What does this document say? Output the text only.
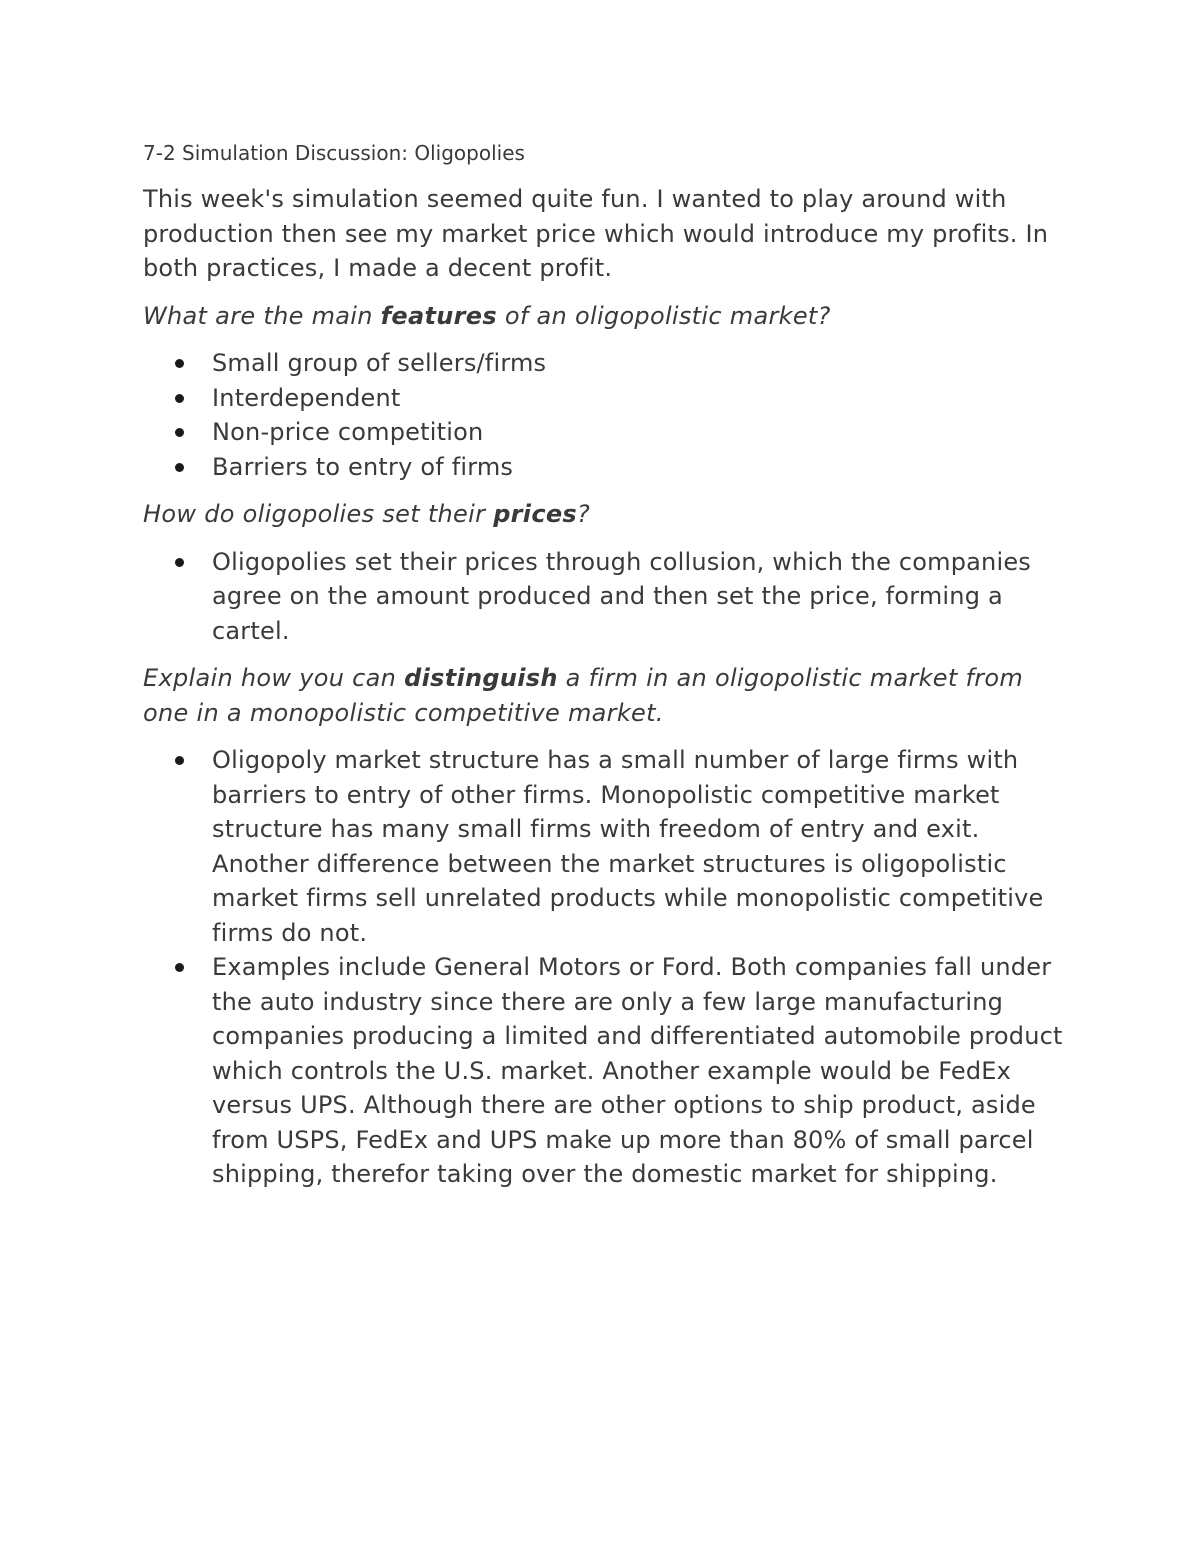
7-2 Simulation Discussion: Oligopolies

This week's simulation seemed quite fun. I wanted to play around with production then see my market price which would introduce my profits. In both practices, I made a decent profit.

What are the main features of an oligopolistic market?

Small group of sellers/firms
Interdependent
Non-price competition
Barriers to entry of firms

How do oligopolies set their prices?

Oligopolies set their prices through collusion, which the companies agree on the amount produced and then set the price, forming a cartel.

Explain how you can distinguish a firm in an oligopolistic market from one in a monopolistic competitive market.

Oligopoly market structure has a small number of large firms with barriers to entry of other firms. Monopolistic competitive market structure has many small firms with freedom of entry and exit. Another difference between the market structures is oligopolistic market firms sell unrelated products while monopolistic competitive firms do not.
Examples include General Motors or Ford. Both companies fall under the auto industry since there are only a few large manufacturing companies producing a limited and differentiated automobile product which controls the U.S. market. Another example would be FedEx versus UPS. Although there are other options to ship product, aside from USPS, FedEx and UPS make up more than 80% of small parcel shipping, therefor taking over the domestic market for shipping.
